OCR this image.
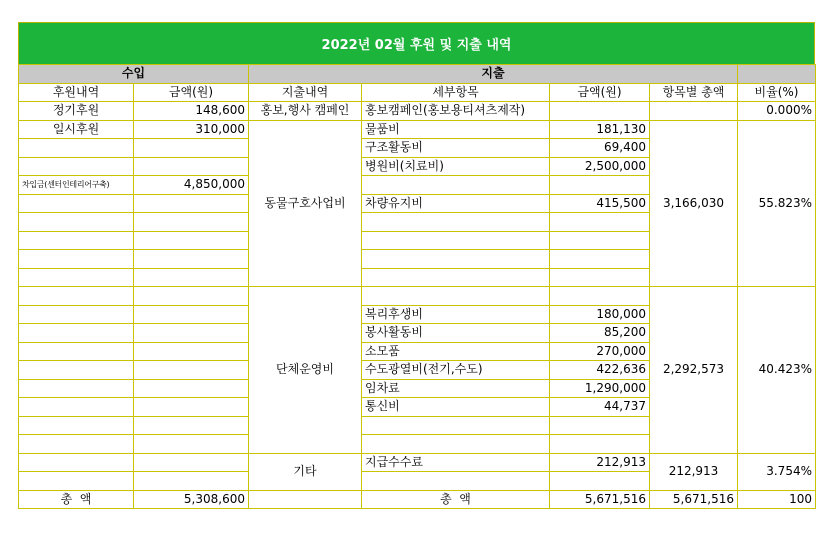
2022년 02월 후원 및 지출 내역
수입		지출				
후원내역	금액(원)	지출내역	세부항목	금액(원)	항목별 총액	비율(%)
정기후원	148,600	홍보,행사 캠페인	홍보캠페인(홍보용티셔츠제작)			0.000%
일시후원	310,000	동물구호사업비	물품비	181,130	3,166,030	55.823%
			구조활동비	69,400		
			병원비(치료비)	2,500,000		
차입금(센터인테리어구축)	4,850,000					
			차량유지비	415,500		

		단체운영비			2,292,573	40.423%
			복리후생비	180,000		
			봉사활동비	85,200		
			소모품	270,000		
			수도광열비(전기,수도)	422,636		
			임차료	1,290,000		
			통신비	44,737		

		기타	지급수수료	212,913	212,913	3.754%

총  액	5,308,600		총  액	5,671,516	5,671,516	100
